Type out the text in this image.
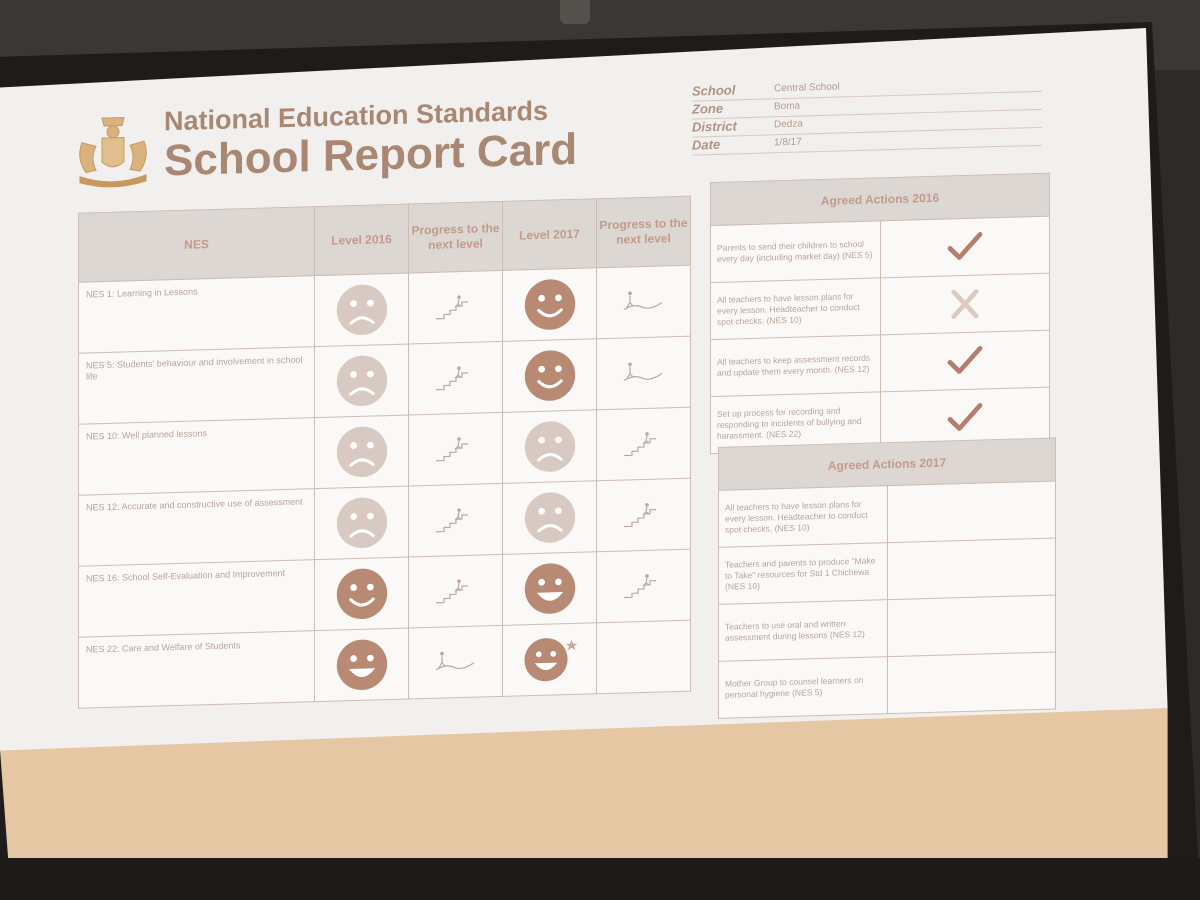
National Education Standards
School Report Card
School	Central School
Zone	Boma
District	Dedza
Date	1/8/17
NES	Level 2016	Progress to the next level	Level 2017	Progress to the next level

NES 1: Learning in Lessons

NES 5: Students' behaviour and involvement in school life

NES 10: Well planned lessons

NES 12: Accurate and constructive use of assessment

NES 16: School Self-Evaluation and Improvement

NES 22: Care and Welfare of Students

Agreed Actions 2016	
Parents to send their children to school every day (including market day) (NES 5)	

All teachers to have lesson plans for every lesson. Headteacher to conduct spot checks. (NES 10)	

All teachers to keep assessment records and update them every month. (NES 12)	

Set up process for recording and responding to incidents of bullying and harassment. (NES 22)	
Agreed Actions 2017	
All teachers to have lesson plans for every lesson. Headteacher to conduct spot checks. (NES 10)	
Teachers and parents to produce "Make to Take" resources for Std 1 Chichewa (NES 10)	
Teachers to use oral and written assessment during lessons (NES 12)	
Mother Group to counsel learners on personal hygiene (NES 5)	
